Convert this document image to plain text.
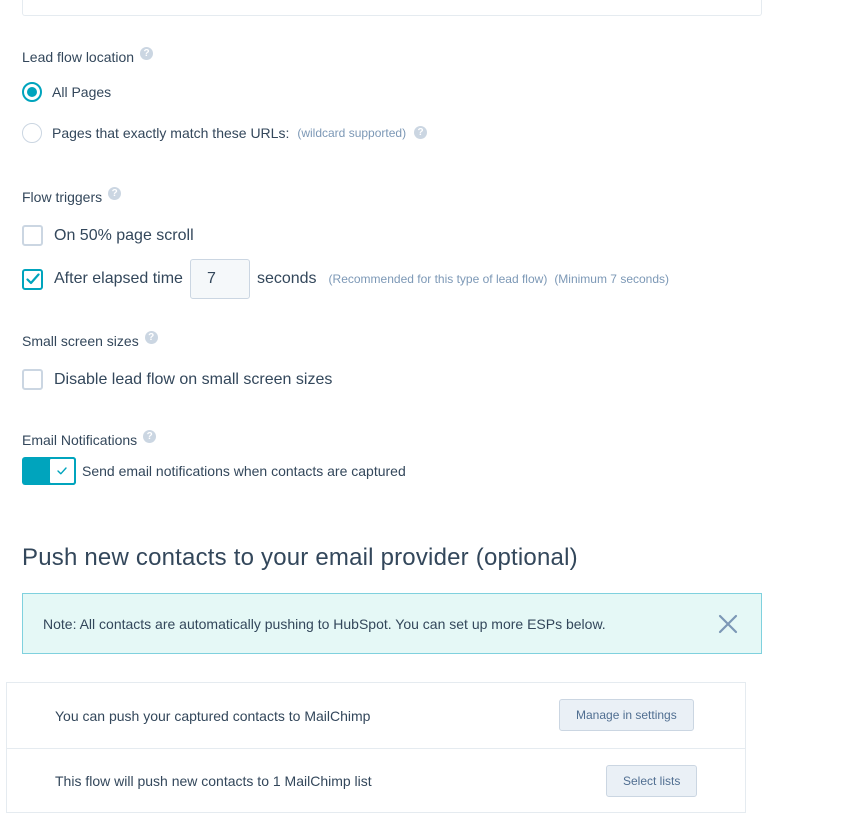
Lead flow location ?
All Pages
Pages that exactly match these URLs: (wildcard supported)	?
Flow triggers ?
On 50% page scroll
After elapsed time
7	seconds (Recommended for this type of lead flow) (Minimum 7 seconds)
Small screen sizes ?
Disable lead flow on small screen sizes
Email Notifications ?
Send email notifications when contacts are captured
Push new contacts to your email provider (optional)
Note: All contacts are automatically pushing to HubSpot. You can set up more ESPs below.
You can push your captured contacts to MailChimp	Manage in settings
This flow will push new contacts to 1 MailChimp list	Select lists
